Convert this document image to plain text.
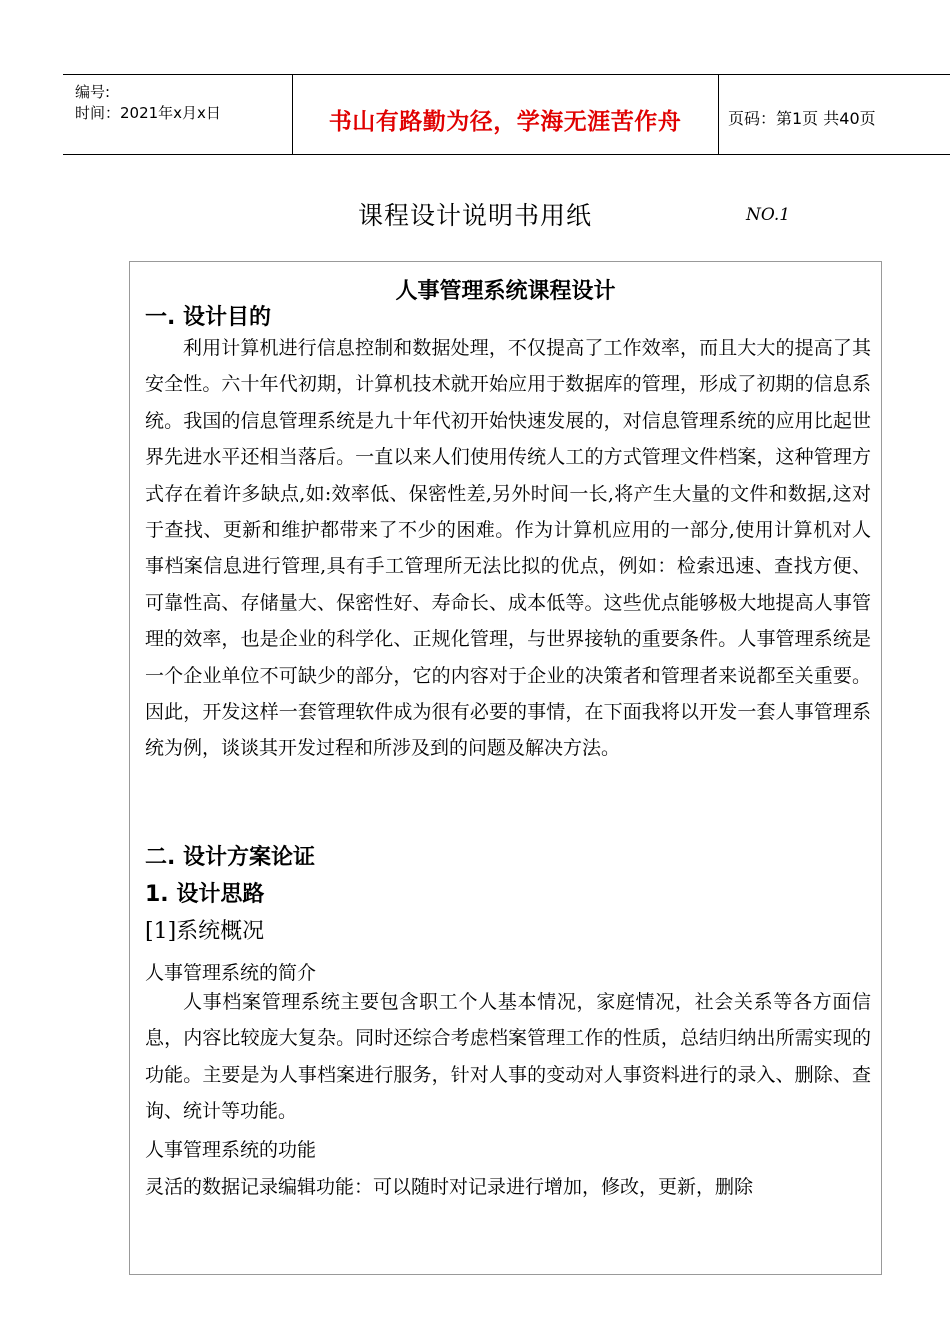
编号:
时间：2021年x月x日	书山有路勤为径，学海无涯苦作舟	页码：第1页 共40页
课程设计说明书用纸	NO.1
人事管理系统课程设计
一. 设计目的
利用计算机进行信息控制和数据处理，不仅提高了工作效率，而且大大的提高了其安全性。六十年代初期，计算机技术就开始应用于数据库的管理，形成了初期的信息系统。我国的信息管理系统是九十年代初开始快速发展的，对信息管理系统的应用比起世界先进水平还相当落后。一直以来人们使用传统人工的方式管理文件档案，这种管理方式存在着许多缺点,如:效率低、保密性差,另外时间一长,将产生大量的文件和数据,这对于查找、更新和维护都带来了不少的困难。作为计算机应用的一部分,使用计算机对人事档案信息进行管理,具有手工管理所无法比拟的优点，例如：检索迅速、查找方便、可靠性高、存储量大、保密性好、寿命长、成本低等。这些优点能够极大地提高人事管理的效率，也是企业的科学化、正规化管理，与世界接轨的重要条件。人事管理系统是一个企业单位不可缺少的部分，它的内容对于企业的决策者和管理者来说都至关重要。因此，开发这样一套管理软件成为很有必要的事情，在下面我将以开发一套人事管理系统为例，谈谈其开发过程和所涉及到的问题及解决方法。
二. 设计方案论证
1. 设计思路
[1]系统概况
人事管理系统的简介
人事档案管理系统主要包含职工个人基本情况，家庭情况，社会关系等各方面信息，内容比较庞大复杂。同时还综合考虑档案管理工作的性质，总结归纳出所需实现的功能。主要是为人事档案进行服务，针对人事的变动对人事资料进行的录入、删除、查询、统计等功能。
人事管理系统的功能
灵活的数据记录编辑功能：可以随时对记录进行增加，修改，更新，删除
